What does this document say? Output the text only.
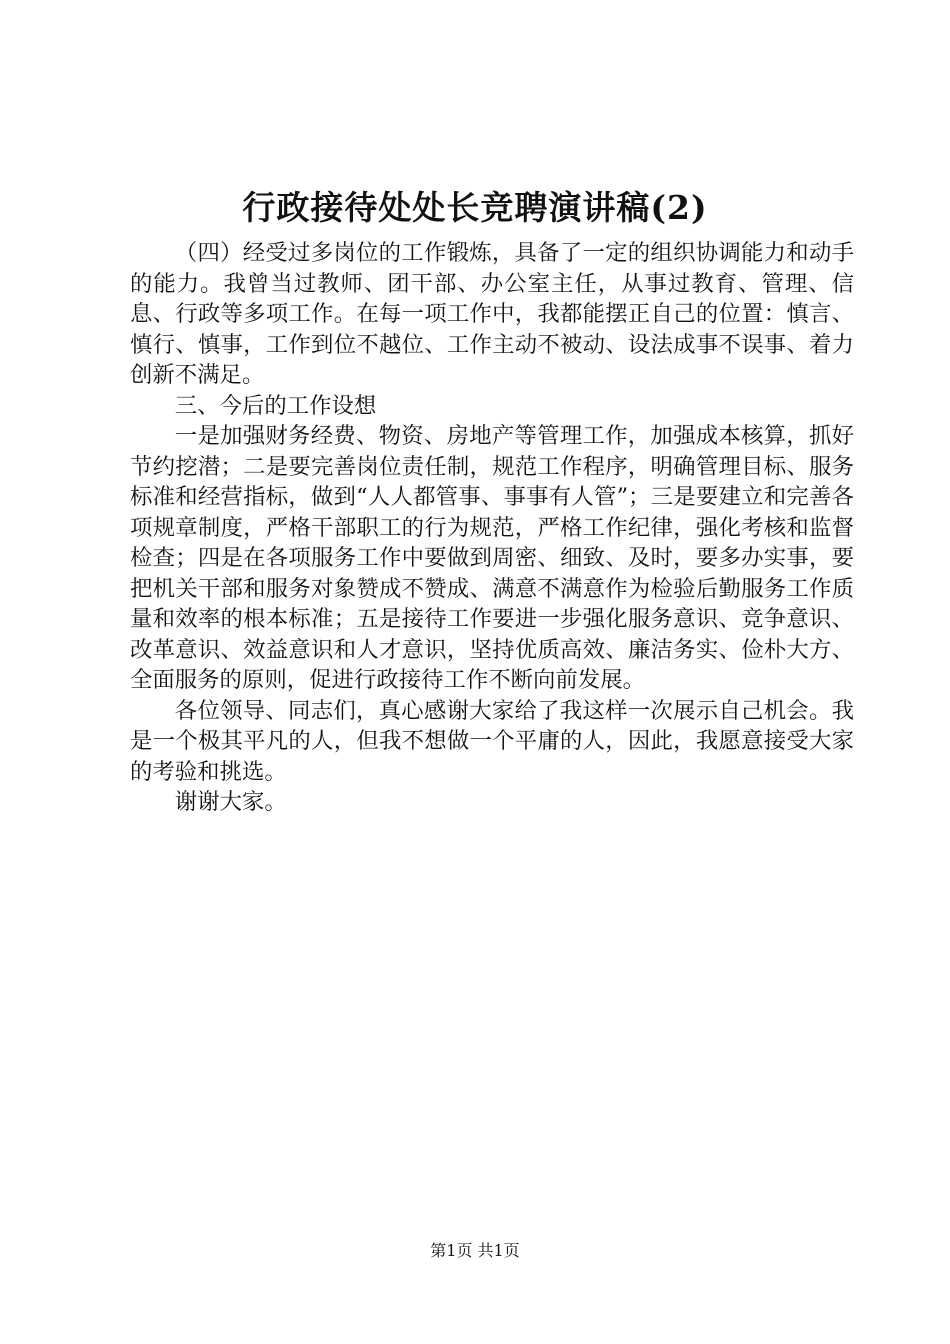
行政接待处处长竞聘演讲稿(2)

（四）经受过多岗位的工作锻炼，具备了一定的组织协调能力和动手的能力。我曾当过教师、团干部、办公室主任，从事过教育、管理、信息、行政等多项工作。在每一项工作中，我都能摆正自己的位置：慎言、慎行、慎事，工作到位不越位、工作主动不被动、设法成事不误事、着力创新不满足。

三、今后的工作设想

一是加强财务经费、物资、房地产等管理工作，加强成本核算，抓好节约挖潜；二是要完善岗位责任制，规范工作程序，明确管理目标、服务标准和经营指标，做到“人人都管事、事事有人管”；三是要建立和完善各项规章制度，严格干部职工的行为规范，严格工作纪律，强化考核和监督检查；四是在各项服务工作中要做到周密、细致、及时，要多办实事，要把机关干部和服务对象赞成不赞成、满意不满意作为检验后勤服务工作质量和效率的根本标准；五是接待工作要进一步强化服务意识、竞争意识、改革意识、效益意识和人才意识，坚持优质高效、廉洁务实、俭朴大方、全面服务的原则，促进行政接待工作不断向前发展。

各位领导、同志们，真心感谢大家给了我这样一次展示自己机会。我是一个极其平凡的人，但我不想做一个平庸的人，因此，我愿意接受大家的考验和挑选。

谢谢大家。

第1页 共1页
